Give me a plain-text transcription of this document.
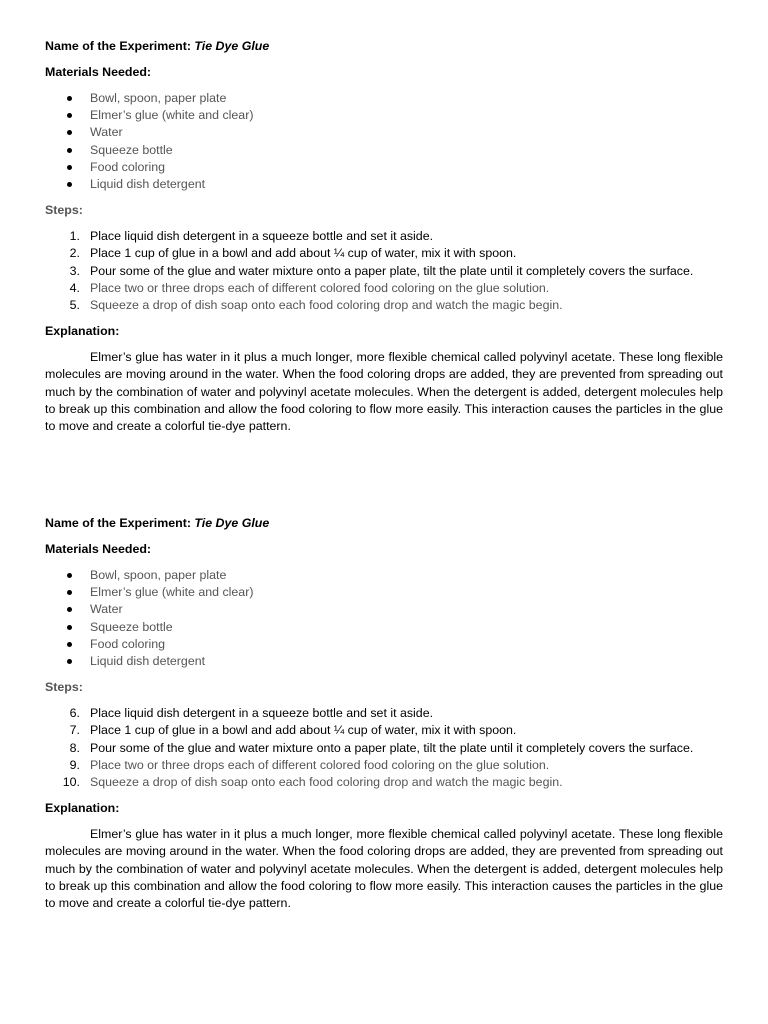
Name of the Experiment: Tie Dye Glue

Materials Needed:

Bowl, spoon, paper plate
Elmer’s glue (white and clear)
Water
Squeeze bottle
Food coloring
Liquid dish detergent

Steps:

1. Place liquid dish detergent in a squeeze bottle and set it aside.
2. Place 1 cup of glue in a bowl and add about ¼ cup of water, mix it with spoon.
3. Pour some of the glue and water mixture onto a paper plate, tilt the plate until it completely covers the surface.
4. Place two or three drops each of different colored food coloring on the glue solution.
5. Squeeze a drop of dish soap onto each food coloring drop and watch the magic begin.

Explanation:

Elmer’s glue has water in it plus a much longer, more flexible chemical called polyvinyl acetate. These long flexible molecules are moving around in the water. When the food coloring drops are added, they are prevented from spreading out much by the combination of water and polyvinyl acetate molecules. When the detergent is added, detergent molecules help to break up this combination and allow the food coloring to flow more easily. This interaction causes the particles in the glue to move and create a colorful tie-dye pattern.

Name of the Experiment: Tie Dye Glue

Materials Needed:

Bowl, spoon, paper plate
Elmer’s glue (white and clear)
Water
Squeeze bottle
Food coloring
Liquid dish detergent

Steps:

6. Place liquid dish detergent in a squeeze bottle and set it aside.
7. Place 1 cup of glue in a bowl and add about ¼ cup of water, mix it with spoon.
8. Pour some of the glue and water mixture onto a paper plate, tilt the plate until it completely covers the surface.
9. Place two or three drops each of different colored food coloring on the glue solution.
10. Squeeze a drop of dish soap onto each food coloring drop and watch the magic begin.

Explanation:

Elmer’s glue has water in it plus a much longer, more flexible chemical called polyvinyl acetate. These long flexible molecules are moving around in the water. When the food coloring drops are added, they are prevented from spreading out much by the combination of water and polyvinyl acetate molecules. When the detergent is added, detergent molecules help to break up this combination and allow the food coloring to flow more easily. This interaction causes the particles in the glue to move and create a colorful tie-dye pattern.
